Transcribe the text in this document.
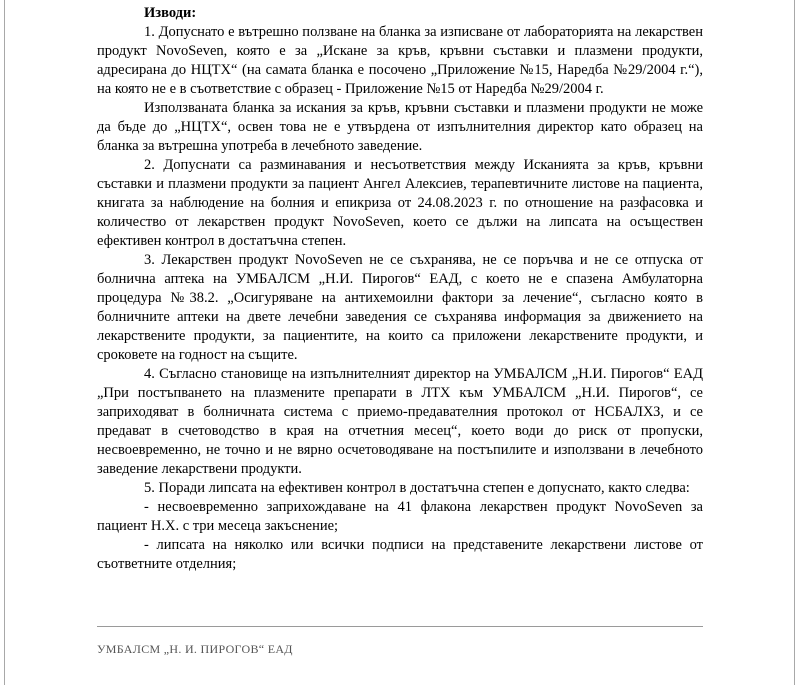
Изводи:

1. Допуснато е вътрешно ползване на бланка за изписване от лабораторията на лекарствен продукт NovoSeven, която е за „Искане за кръв, кръвни съставки и плазмени продукти, адресирана до НЦТХ“ (на самата бланка е посочено „Приложение №15, Наредба №29/2004 г.“), на която не е в съответствие с образец - Приложение №15 от Наредба №29/2004 г.

Използваната бланка за искания за кръв, кръвни съставки и плазмени продукти не може да бъде до „НЦТХ“, освен това не е утвърдена от изпълнителния директор като образец на бланка за вътрешна употреба в лечебното заведение.

2. Допуснати са разминавания и несъответствия между Исканията за кръв, кръвни съставки и плазмени продукти за пациент Ангел Алексиев, терапевтичните листове на пациента, книгата за наблюдение на болния и епикриза от 24.08.2023 г. по отношение на разфасовка и количество от лекарствен продукт NovoSeven, което се дължи на липсата на осъществен ефективен контрол в достатъчна степен.

3. Лекарствен продукт NovoSeven не се съхранява, не се поръчва и не се отпуска от болнична аптека на УМБАЛСМ „Н.И. Пирогов“ ЕАД, с което не е спазена Амбулаторна процедура №38.2. „Осигуряване на антихемоилни фактори за лечение“, съгласно която в болничните аптеки на двете лечебни заведения се съхранява информация за движението на лекарствените продукти, за пациентите, на които са приложени лекарствените продукти, и сроковете на годност на същите.

4. Съгласно становище на изпълнителният директор на УМБАЛСМ „Н.И. Пирогов“ ЕАД „При постъпването на плазмените препарати в ЛТХ към УМБАЛСМ „Н.И. Пирогов“, се заприходяват в болничната система с приемо-предавателния протокол от НСБАЛХЗ, и се предават в счетоводство в края на отчетния месец“, което води до риск от пропуски, несвоевременно, не точно и не вярно осчетоводяване на постъпилите и използвани в лечебното заведение лекарствени продукти.

5. Поради липсата на ефективен контрол в достатъчна степен е допуснато, както следва:

- несвоевременно заприхождаване на 41 флакона лекарствен продукт NovoSeven за пациент Н.Х. с три месеца закъснение;

- липсата на няколко или всички подписи на представените лекарствени листове от съответните отделния;

УМБАЛСМ „Н. И. ПИРОГОВ“ ЕАД
